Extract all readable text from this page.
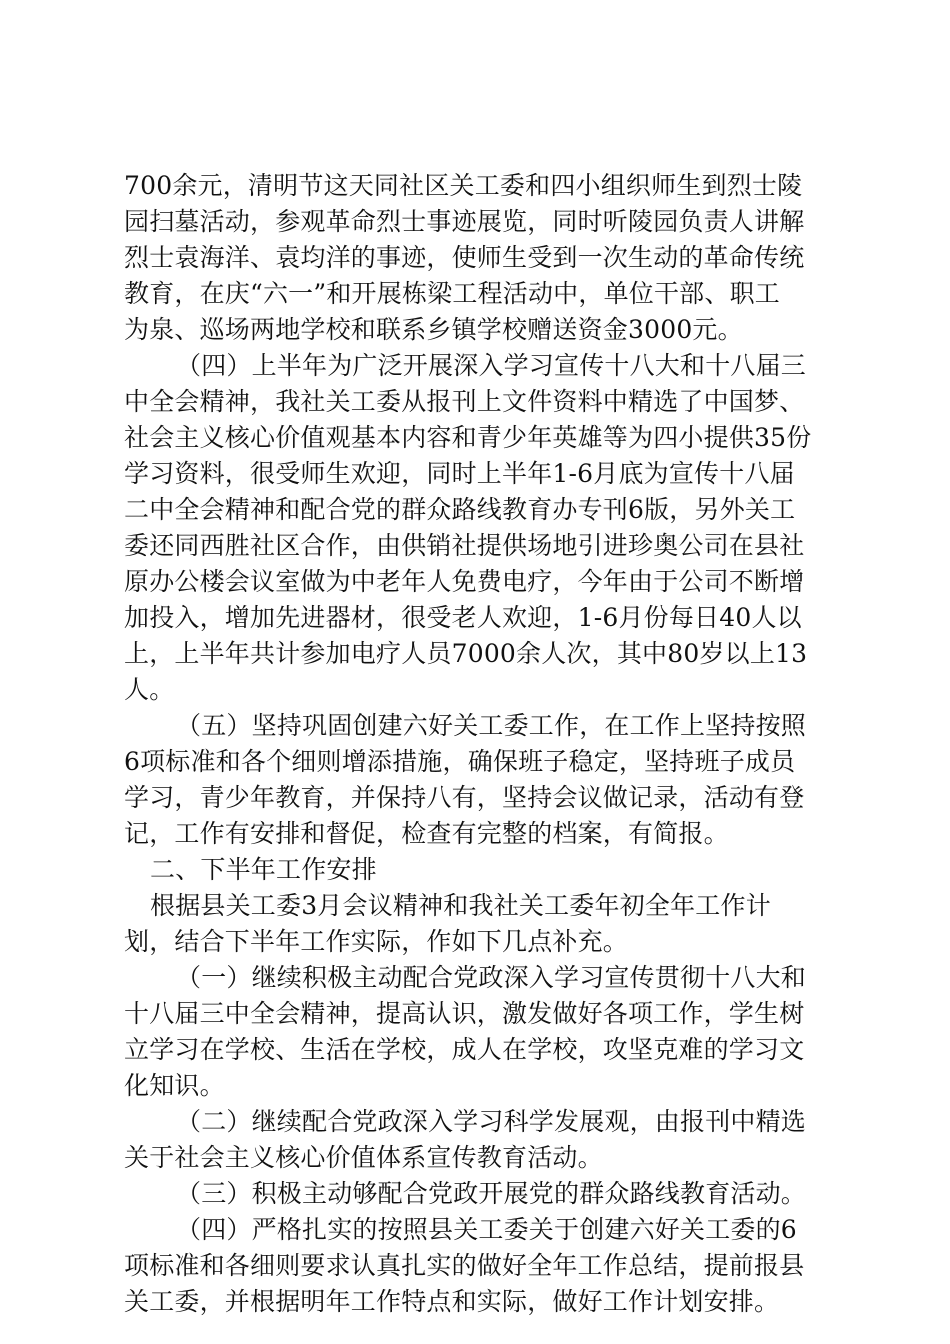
700余元，清明节这天同社区关工委和四小组织师生到烈士陵
园扫墓活动，参观革命烈士事迹展览，同时听陵园负责人讲解
烈士袁海洋、袁均洋的事迹，使师生受到一次生动的革命传统
教育，在庆“六一”和开展栋梁工程活动中，单位干部、职工
为泉、巡场两地学校和联系乡镇学校赠送资金3000元。
（四）上半年为广泛开展深入学习宣传十八大和十八届三
中全会精神，我社关工委从报刊上文件资料中精选了中国梦、
社会主义核心价值观基本内容和青少年英雄等为四小提供35份
学习资料，很受师生欢迎，同时上半年1-6月底为宣传十八届
二中全会精神和配合党的群众路线教育办专刊6版，另外关工
委还同西胜社区合作，由供销社提供场地引进珍奥公司在县社
原办公楼会议室做为中老年人免费电疗，今年由于公司不断增
加投入，增加先进器材，很受老人欢迎，1-6月份每日40人以
上，上半年共计参加电疗人员7000余人次，其中80岁以上13
人。
（五）坚持巩固创建六好关工委工作，在工作上坚持按照
6项标准和各个细则增添措施，确保班子稳定，坚持班子成员
学习，青少年教育，并保持八有，坚持会议做记录，活动有登
记，工作有安排和督促，检查有完整的档案，有简报。
二、下半年工作安排
根据县关工委3月会议精神和我社关工委年初全年工作计
划，结合下半年工作实际，作如下几点补充。
（一）继续积极主动配合党政深入学习宣传贯彻十八大和
十八届三中全会精神，提高认识，激发做好各项工作，学生树
立学习在学校、生活在学校，成人在学校，攻坚克难的学习文
化知识。
（二）继续配合党政深入学习科学发展观，由报刊中精选
关于社会主义核心价值体系宣传教育活动。
（三）积极主动够配合党政开展党的群众路线教育活动。
（四）严格扎实的按照县关工委关于创建六好关工委的6
项标准和各细则要求认真扎实的做好全年工作总结，提前报县
关工委，并根据明年工作特点和实际，做好工作计划安排。
